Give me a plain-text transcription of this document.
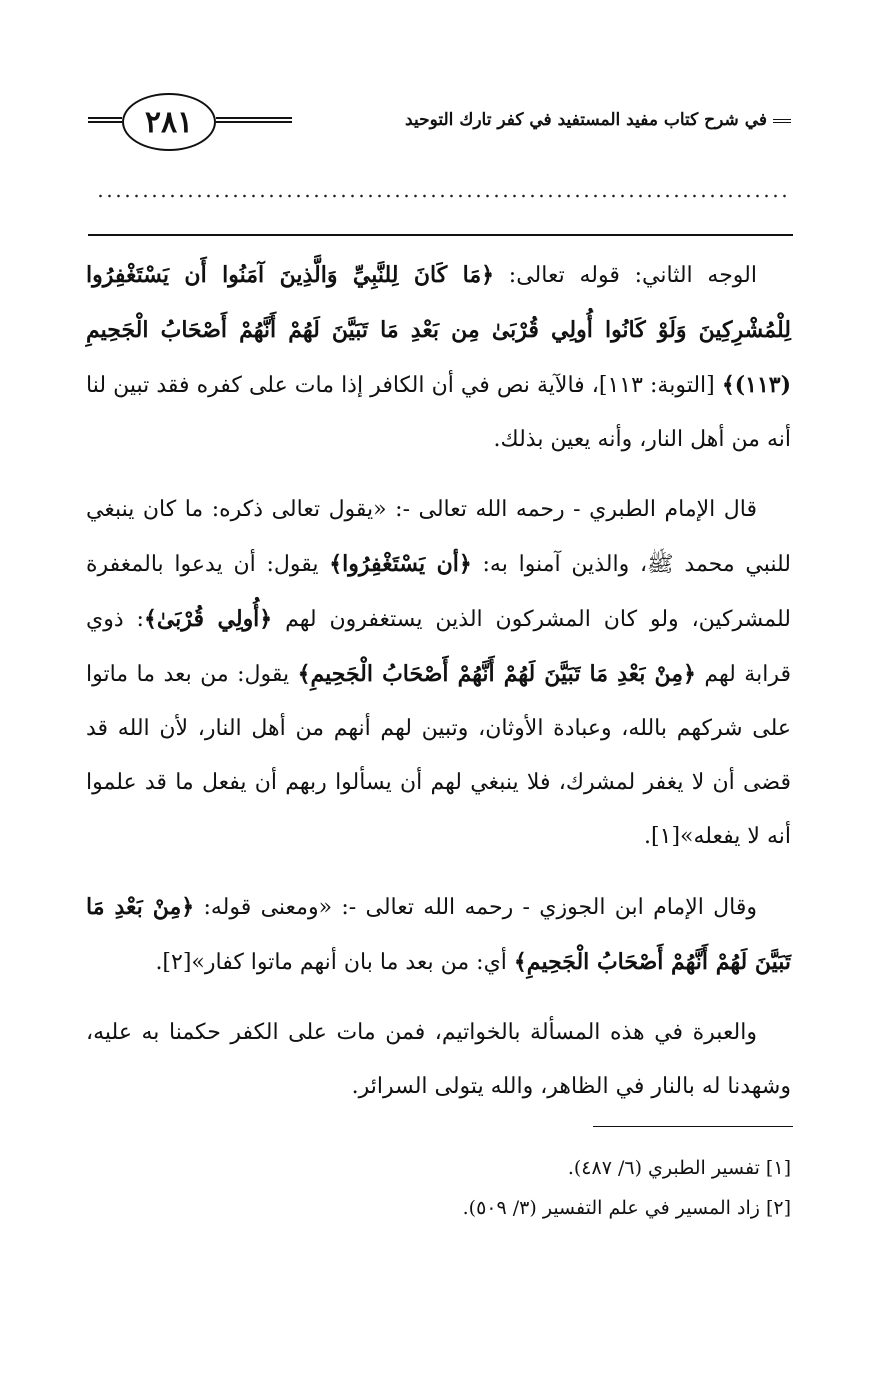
في شرح كتاب مفيد المستفيد في كفر تارك التوحيد
٢٨١

الوجه الثاني: قوله تعالى: ﴿مَا كَانَ لِلنَّبِيِّ وَالَّذِينَ آمَنُوا أَن يَسْتَغْفِرُوا لِلْمُشْرِكِينَ وَلَوْ كَانُوا أُولِي قُرْبَىٰ مِن بَعْدِ مَا تَبَيَّنَ لَهُمْ أَنَّهُمْ أَصْحَابُ الْجَحِيمِ (١١٣)﴾ [التوبة: ١١٣]، فالآية نص في أن الكافر إذا مات على كفره فقد تبين لنا أنه من أهل النار، وأنه يعين بذلك.

قال الإمام الطبري - رحمه الله تعالى -: «يقول تعالى ذكره: ما كان ينبغي للنبي محمد ﷺ، والذين آمنوا به: ﴿أن يَسْتَغْفِرُوا﴾ يقول: أن يدعوا بالمغفرة للمشركين، ولو كان المشركون الذين يستغفرون لهم ﴿أُولِي قُرْبَىٰ﴾: ذوي قرابة لهم ﴿مِنْ بَعْدِ مَا تَبَيَّنَ لَهُمْ أَنَّهُمْ أَصْحَابُ الْجَحِيمِ﴾ يقول: من بعد ما ماتوا على شركهم بالله، وعبادة الأوثان، وتبين لهم أنهم من أهل النار، لأن الله قد قضى أن لا يغفر لمشرك، فلا ينبغي لهم أن يسألوا ربهم أن يفعل ما قد علموا أنه لا يفعله»[١].

وقال الإمام ابن الجوزي - رحمه الله تعالى -: «ومعنى قوله: ﴿مِنْ بَعْدِ مَا تَبَيَّنَ لَهُمْ أَنَّهُمْ أَصْحَابُ الْجَحِيمِ﴾ أي: من بعد ما بان أنهم ماتوا كفار»[٢].

والعبرة في هذه المسألة بالخواتيم، فمن مات على الكفر حكمنا به عليه، وشهدنا له بالنار في الظاهر، والله يتولى السرائر.

[١] تفسير الطبري (٦/ ٤٨٧).

[٢] زاد المسير في علم التفسير (٣/ ٥٠٩).
